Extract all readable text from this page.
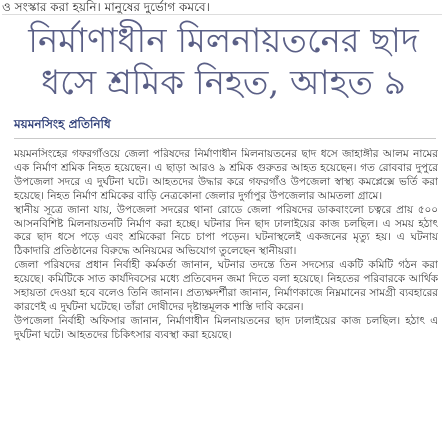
ও সংস্কার করা হয়নি। মানুষের দুর্ভোগ কমবে।
নির্মাণাধীন মিলনায়তনের ছাদ
ধসে শ্রমিক নিহত, আহত ৯
ময়মনসিংহ প্রতিনিধি

ময়মনসিংহের গফরগাঁওয়ে জেলা পরিষদের নির্মাণাধীন মিলনায়তনের ছাদ ধসে জাহাঙ্গীর আলম নামের এক নির্মাণ শ্রমিক নিহত হয়েছেন। এ ছাড়া আরও ৯ শ্রমিক গুরুতর আহত হয়েছেন। গত রোববার দুপুরে উপজেলা সদরে এ দুর্ঘটনা ঘটে। আহতদের উদ্ধার করে গফরগাঁও উপজেলা স্বাস্থ্য কমপ্লেক্সে ভর্তি করা হয়েছে। নিহত নির্মাণ শ্রমিকের বাড়ি নেত্রকোনা জেলার দুর্গাপুর উপজেলার আমতলা গ্রামে।

স্থানীয় সূত্রে জানা যায়, উপজেলা সদরের থানা রোডে জেলা পরিষদের ডাকবাংলো চত্বরে প্রায় ৫০০ আসনবিশিষ্ট মিলনায়তনটি নির্মাণ করা হচ্ছে। ঘটনার দিন ছাদ ঢালাইয়ের কাজ চলছিল। এ সময় হঠাৎ করে ছাদ ধসে পড়ে এবং শ্রমিকেরা নিচে চাপা পড়েন। ঘটনাস্থলেই একজনের মৃত্যু হয়। এ ঘটনায় ঠিকাদারি প্রতিষ্ঠানের বিরুদ্ধে অনিয়মের অভিযোগ তুলেছেন স্থানীয়রা।

জেলা পরিষদের প্রধান নির্বাহী কর্মকর্তা জানান, ঘটনার তদন্তে তিন সদস্যের একটি কমিটি গঠন করা হয়েছে। কমিটিকে সাত কার্যদিবসের মধ্যে প্রতিবেদন জমা দিতে বলা হয়েছে। নিহতের পরিবারকে আর্থিক সহায়তা দেওয়া হবে বলেও তিনি জানান। প্রত্যক্ষদর্শীরা জানান, নির্মাণকাজে নিম্নমানের সামগ্রী ব্যবহারের কারণেই এ দুর্ঘটনা ঘটেছে। তাঁরা দোষীদের দৃষ্টান্তমূলক শাস্তি দাবি করেন।

উপজেলা নির্বাহী অফিসার জানান, নির্মাণাধীন মিলনায়তনের ছাদ ঢালাইয়ের কাজ চলছিল। হঠাৎ এ দুর্ঘটনা ঘটে। আহতদের চিকিৎসার ব্যবস্থা করা হয়েছে।
